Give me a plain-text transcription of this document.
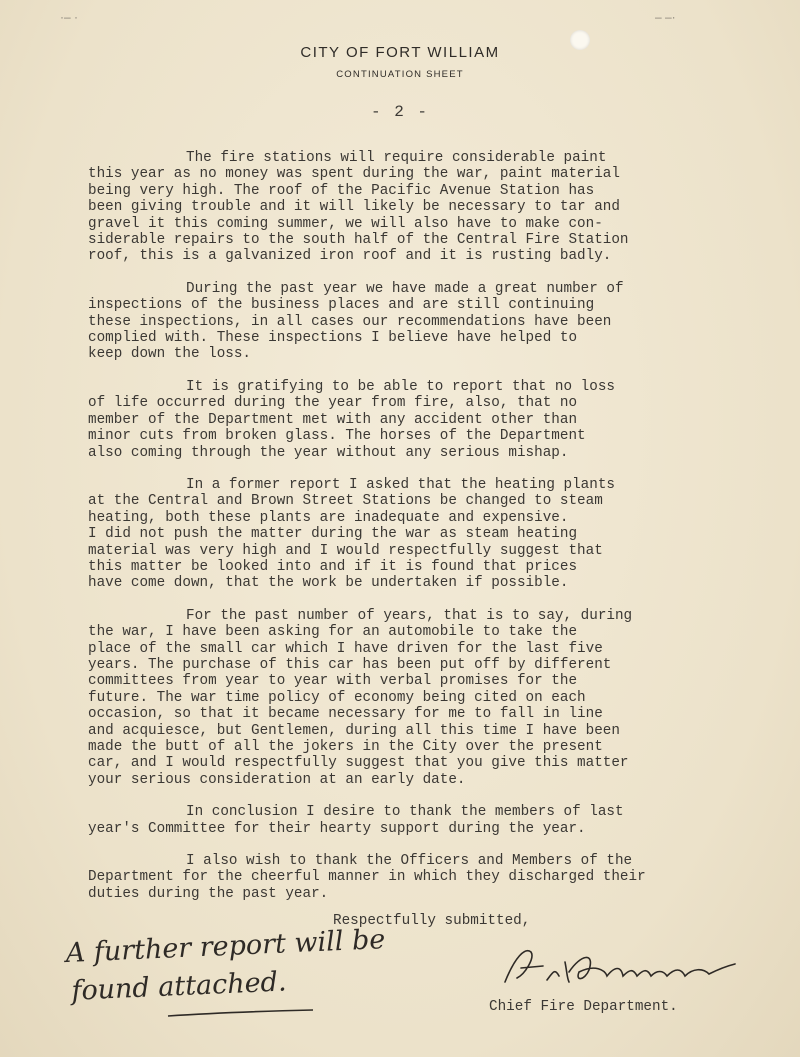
·– ·	– –·
CITY OF FORT WILLIAM
CONTINUATION SHEET
- 2 -
The fire stations will require considerable paint
this year as no money was spent during the war, paint material
being very high. The roof of the Pacific Avenue Station has
been giving trouble and it will likely be necessary to tar and
gravel it this coming summer, we will also have to make con-
siderable repairs to the south half of the Central Fire Station
roof, this is a galvanized iron roof and it is rusting badly.
During the past year we have made a great number of
inspections of the business places and are still continuing
these inspections, in all cases our recommendations have been
complied with. These inspections I believe have helped to
keep down the loss.
It is gratifying to be able to report that no loss
of life occurred during the year from fire, also, that no
member of the Department met with any accident other than
minor cuts from broken glass. The horses of the Department
also coming through the year without any serious mishap.
In a former report I asked that the heating plants
at the Central and Brown Street Stations be changed to steam
heating, both these plants are inadequate and expensive.
I did not push the matter during the war as steam heating
material was very high and I would respectfully suggest that
this matter be looked into and if it is found that prices
have come down, that the work be undertaken if possible.
For the past number of years, that is to say, during
the war, I have been asking for an automobile to take the
place of the small car which I have driven for the last five
years. The purchase of this car has been put off by different
committees from year to year with verbal promises for the
future. The war time policy of economy being cited on each
occasion, so that it became necessary for me to fall in line
and acquiesce, but Gentlemen, during all this time I have been
made the butt of all the jokers in the City over the present
car, and I would respectfully suggest that you give this matter
your serious consideration at an early date.
In conclusion I desire to thank the members of last
year's Committee for their hearty support during the year.
I also wish to thank the Officers and Members of the
Department for the cheerful manner in which they discharged their
duties during the past year.
Respectfully submitted,
A further report will be
found attached.
Chief Fire Department.
